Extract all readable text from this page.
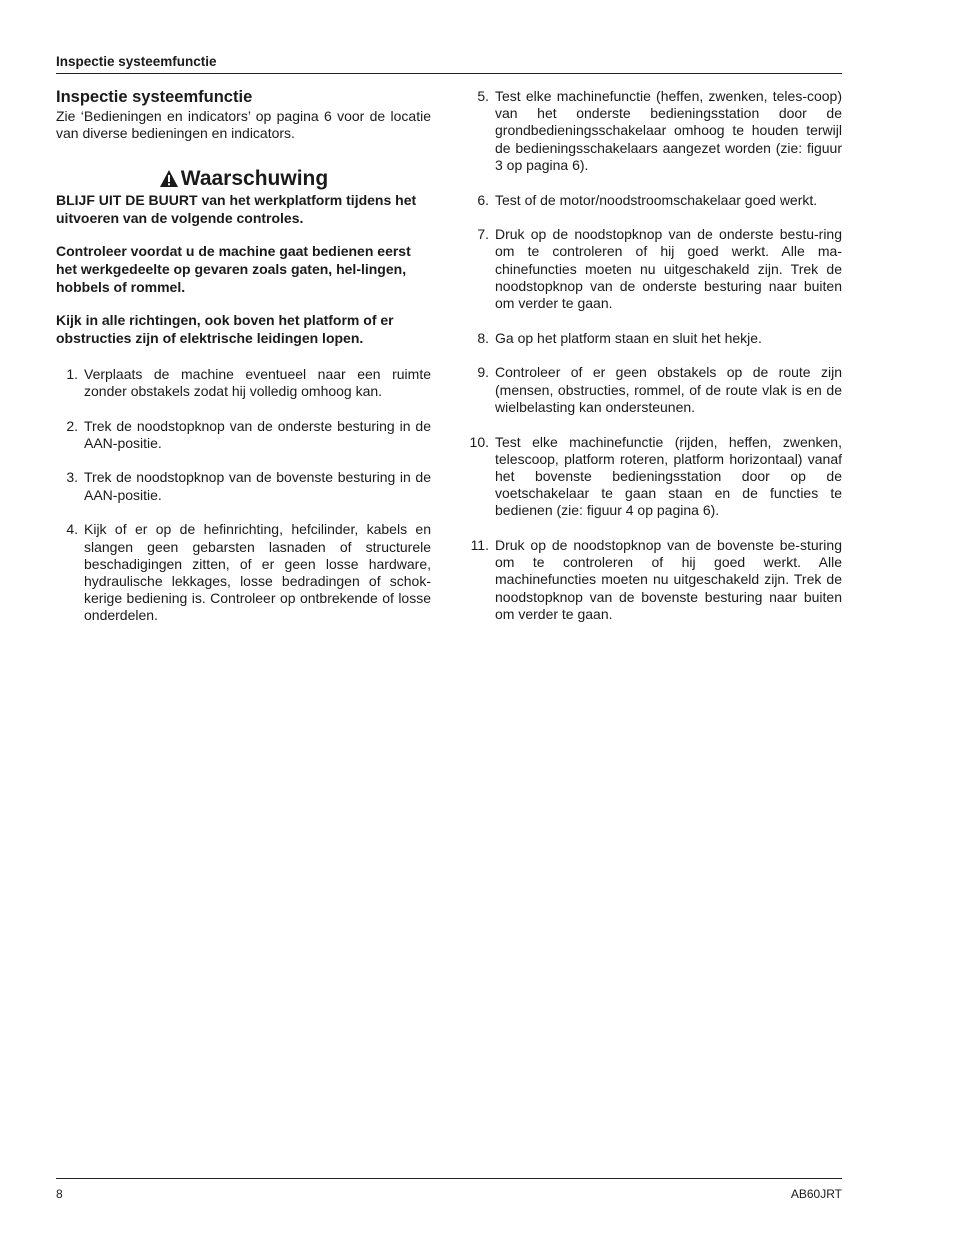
Inspectie systeemfunctie
Inspectie systeemfunctie

Zie ‘Bedieningen en indicators’ op pagina 6 voor de locatie van diverse bedieningen en indicators.

Waarschuwing

BLIJF UIT DE BUURT van het werkplatform tijdens het uitvoeren van de volgende controles.

Controleer voordat u de machine gaat bedienen eerst het werkgedeelte op gevaren zoals gaten, hel-lingen, hobbels of rommel.

Kijk in alle richtingen, ook boven het platform of er obstructies zijn of elektrische leidingen lopen.

1. Verplaats de machine eventueel naar een ruimte zonder obstakels zodat hij volledig omhoog kan.
2. Trek de noodstopknop van de onderste besturing in de AAN-positie.
3. Trek de noodstopknop van de bovenste besturing in de AAN-positie.
4. Kijk of er op de hefinrichting, hefcilinder, kabels en slangen geen gebarsten lasnaden of structurele beschadigingen zitten, of er geen losse hardware, hydraulische lekkages, losse bedradingen of schok-kerige bediening is. Controleer op ontbrekende of losse onderdelen.
5. Test elke machinefunctie (heffen, zwenken, teles-coop) van het onderste bedieningsstation door de grondbedieningsschakelaar omhoog te houden terwijl de bedieningsschakelaars aangezet worden (zie: figuur 3 op pagina 6).
6. Test of de motor/noodstroomschakelaar goed werkt.
7. Druk op de noodstopknop van de onderste bestu-ring om te controleren of hij goed werkt. Alle ma-chinefuncties moeten nu uitgeschakeld zijn. Trek de noodstopknop van de onderste besturing naar buiten om verder te gaan.
8. Ga op het platform staan en sluit het hekje.
9. Controleer of er geen obstakels op de route zijn (mensen, obstructies, rommel, of de route vlak is en de wielbelasting kan ondersteunen.
10. Test elke machinefunctie (rijden, heffen, zwenken, telescoop, platform roteren, platform horizontaal) vanaf het bovenste bedieningsstation door op de voetschakelaar te gaan staan en de functies te bedienen (zie: figuur 4 op pagina 6).
11. Druk op de noodstopknop van de bovenste be-sturing om te controleren of hij goed werkt. Alle machinefuncties moeten nu uitgeschakeld zijn. Trek de noodstopknop van de bovenste besturing naar buiten om verder te gaan.
8	AB60JRT
